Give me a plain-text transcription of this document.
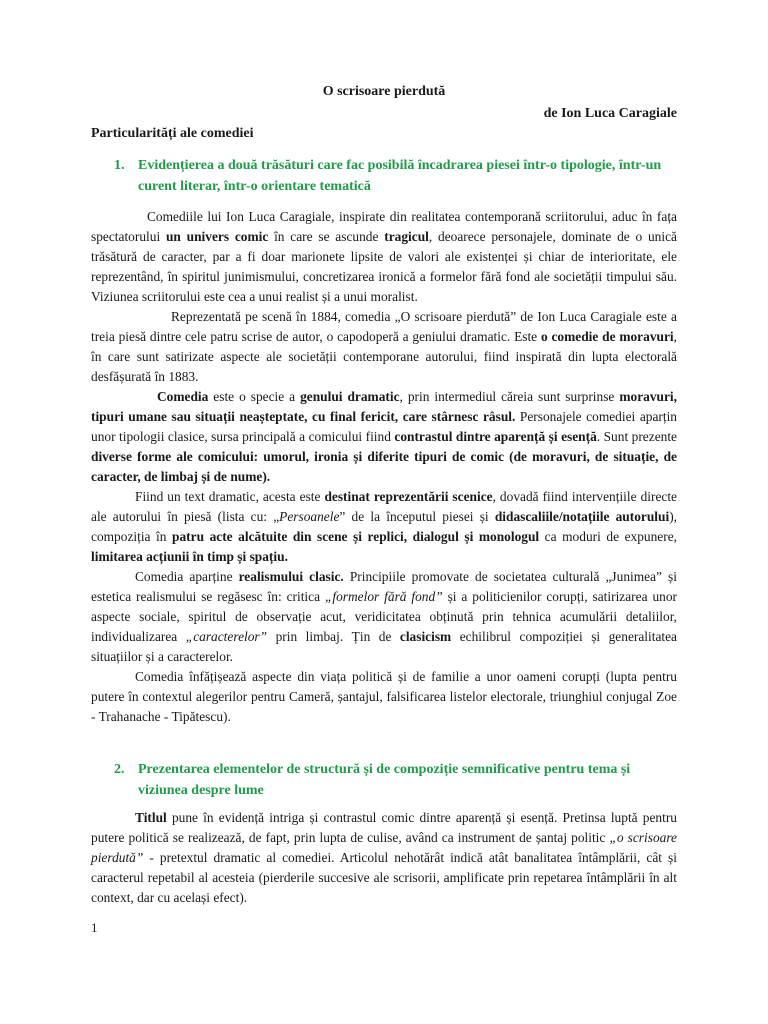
O scrisoare pierdută
de Ion Luca Caragiale
Particularități ale comediei
1. Evidențierea a două trăsături care fac posibilă încadrarea piesei într-o tipologie, într-un curent literar, într-o orientare tematică

Comediile lui Ion Luca Caragiale, inspirate din realitatea contemporană scriitorului, aduc în fața spectatorului un univers comic în care se ascunde tragicul, deoarece personajele, dominate de o unică trăsătură de caracter, par a fi doar marionete lipsite de valori ale existenței și chiar de interioritate, ele reprezentând, în spiritul junimismului, concretizarea ironică a formelor fără fond ale societății timpului său. Viziunea scriitorului este cea a unui realist și a unui moralist.

Reprezentată pe scenă în 1884, comedia „O scrisoare pierdută” de Ion Luca Caragiale este a treia piesă dintre cele patru scrise de autor, o capodoperă a geniului dramatic. Este o comedie de moravuri, în care sunt satirizate aspecte ale societății contemporane autorului, fiind inspirată din lupta electorală desfășurată în 1883.

Comedia este o specie a genului dramatic, prin intermediul căreia sunt surprinse moravuri, tipuri umane sau situații neașteptate, cu final fericit, care stârnesc râsul. Personajele comediei aparțin unor tipologii clasice, sursa principală a comicului fiind contrastul dintre aparență și esență. Sunt prezente diverse forme ale comicului: umorul, ironia și diferite tipuri de comic (de moravuri, de situație, de caracter, de limbaj și de nume).

Fiind un text dramatic, acesta este destinat reprezentării scenice, dovadă fiind intervențiile directe ale autorului în piesă (lista cu: „Persoanele” de la începutul piesei și didascaliile/notațiile autorului), compoziția în patru acte alcătuite din scene și replici, dialogul și monologul ca moduri de expunere, limitarea acțiunii în timp și spațiu.

Comedia aparține realismului clasic. Principiile promovate de societatea culturală „Junimea” și estetica realismului se regăsesc în: critica „formelor fără fond” și a politicienilor corupți, satirizarea unor aspecte sociale, spiritul de observație acut, veridicitatea obținută prin tehnica acumulării detaliilor, individualizarea „caracterelor” prin limbaj. Țin de clasicism echilibrul compoziției și generalitatea situațiilor și a caracterelor.

Comedia înfățișează aspecte din viața politică și de familie a unor oameni corupți (lupta pentru putere în contextul alegerilor pentru Cameră, șantajul, falsificarea listelor electorale, triunghiul conjugal Zoe - Trahanache - Tipătescu).

2. Prezentarea elementelor de structură și de compoziție semnificative pentru tema și viziunea despre lume

Titlul pune în evidență intriga și contrastul comic dintre aparență și esență. Pretinsa luptă pentru putere politică se realizează, de fapt, prin lupta de culise, având ca instrument de șantaj politic „o scrisoare pierdută” - pretextul dramatic al comediei. Articolul nehotărât indică atât banalitatea întâmplării, cât și caracterul repetabil al acesteia (pierderile succesive ale scrisorii, amplificate prin repetarea întâmplării în alt context, dar cu același efect).

1
